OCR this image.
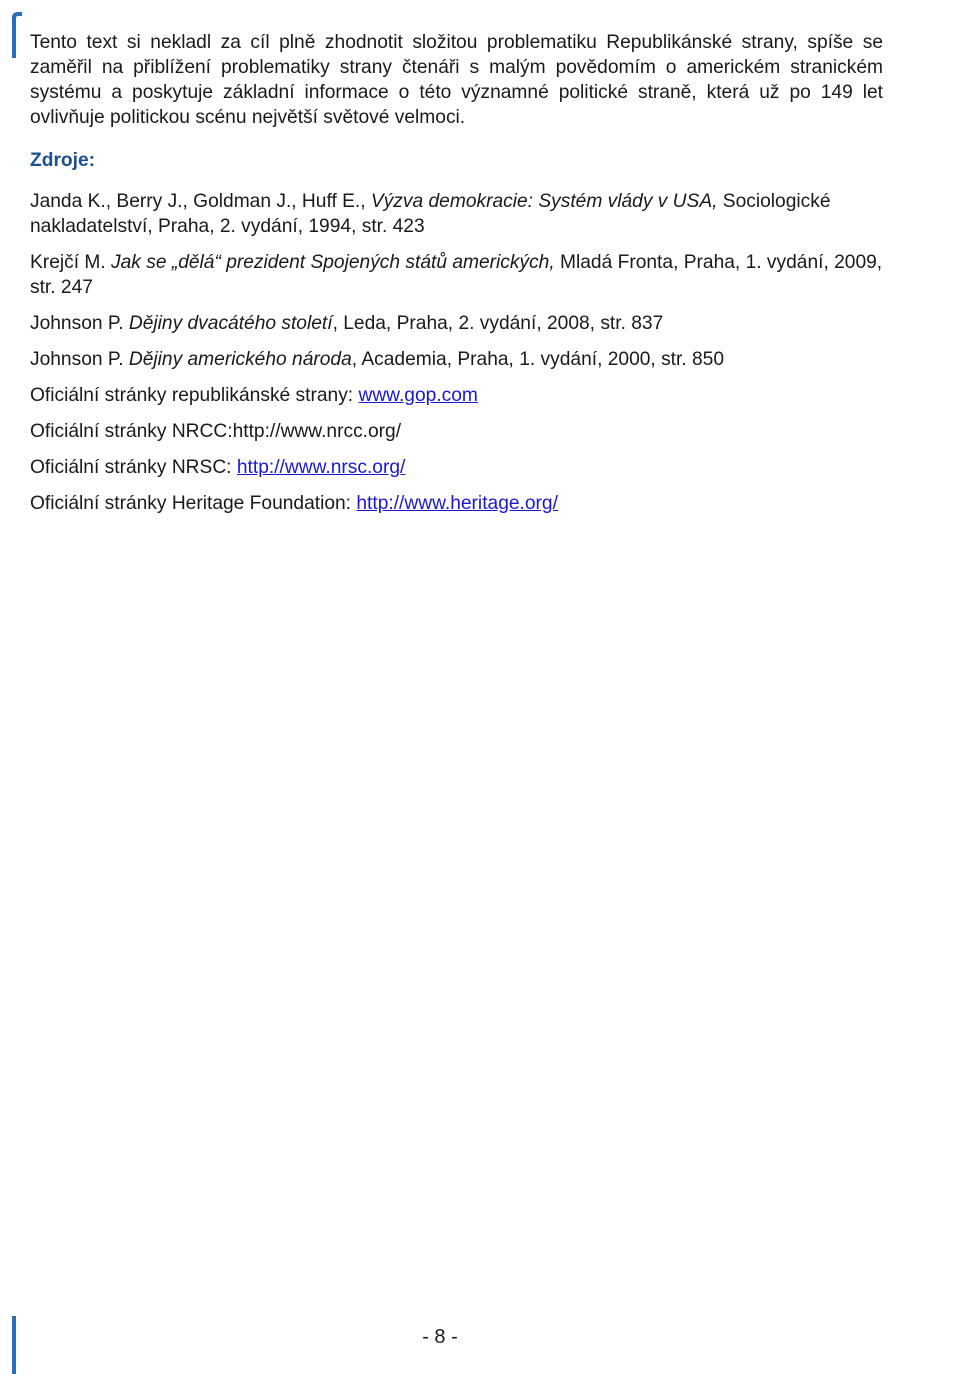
Tento text si nekladl za cíl plně zhodnotit složitou problematiku Republikánské strany, spíše se zaměřil na přiblížení problematiky strany čtenáři s malým povědomím o americkém stranickém systému a poskytuje základní informace o této významné politické straně, která už po 149 let ovlivňuje politickou scénu největší světové velmoci.

Zdroje:
Janda K., Berry J., Goldman J., Huff E., Výzva demokracie: Systém vlády v USA, Sociologické nakladatelství, Praha, 2. vydání, 1994, str. 423
Krejčí M. Jak se „dělá“ prezident Spojených států amerických, Mladá Fronta, Praha, 1. vydání, 2009, str. 247
Johnson P. Dějiny dvacátého století, Leda, Praha, 2. vydání, 2008, str. 837
Johnson P. Dějiny amerického národa, Academia, Praha, 1. vydání, 2000, str. 850
Oficiální stránky republikánské strany: www.gop.com
Oficiální stránky NRCC:http://www.nrcc.org/
Oficiální stránky NRSC: http://www.nrsc.org/
Oficiální stránky Heritage Foundation: http://www.heritage.org/
- 8 -
